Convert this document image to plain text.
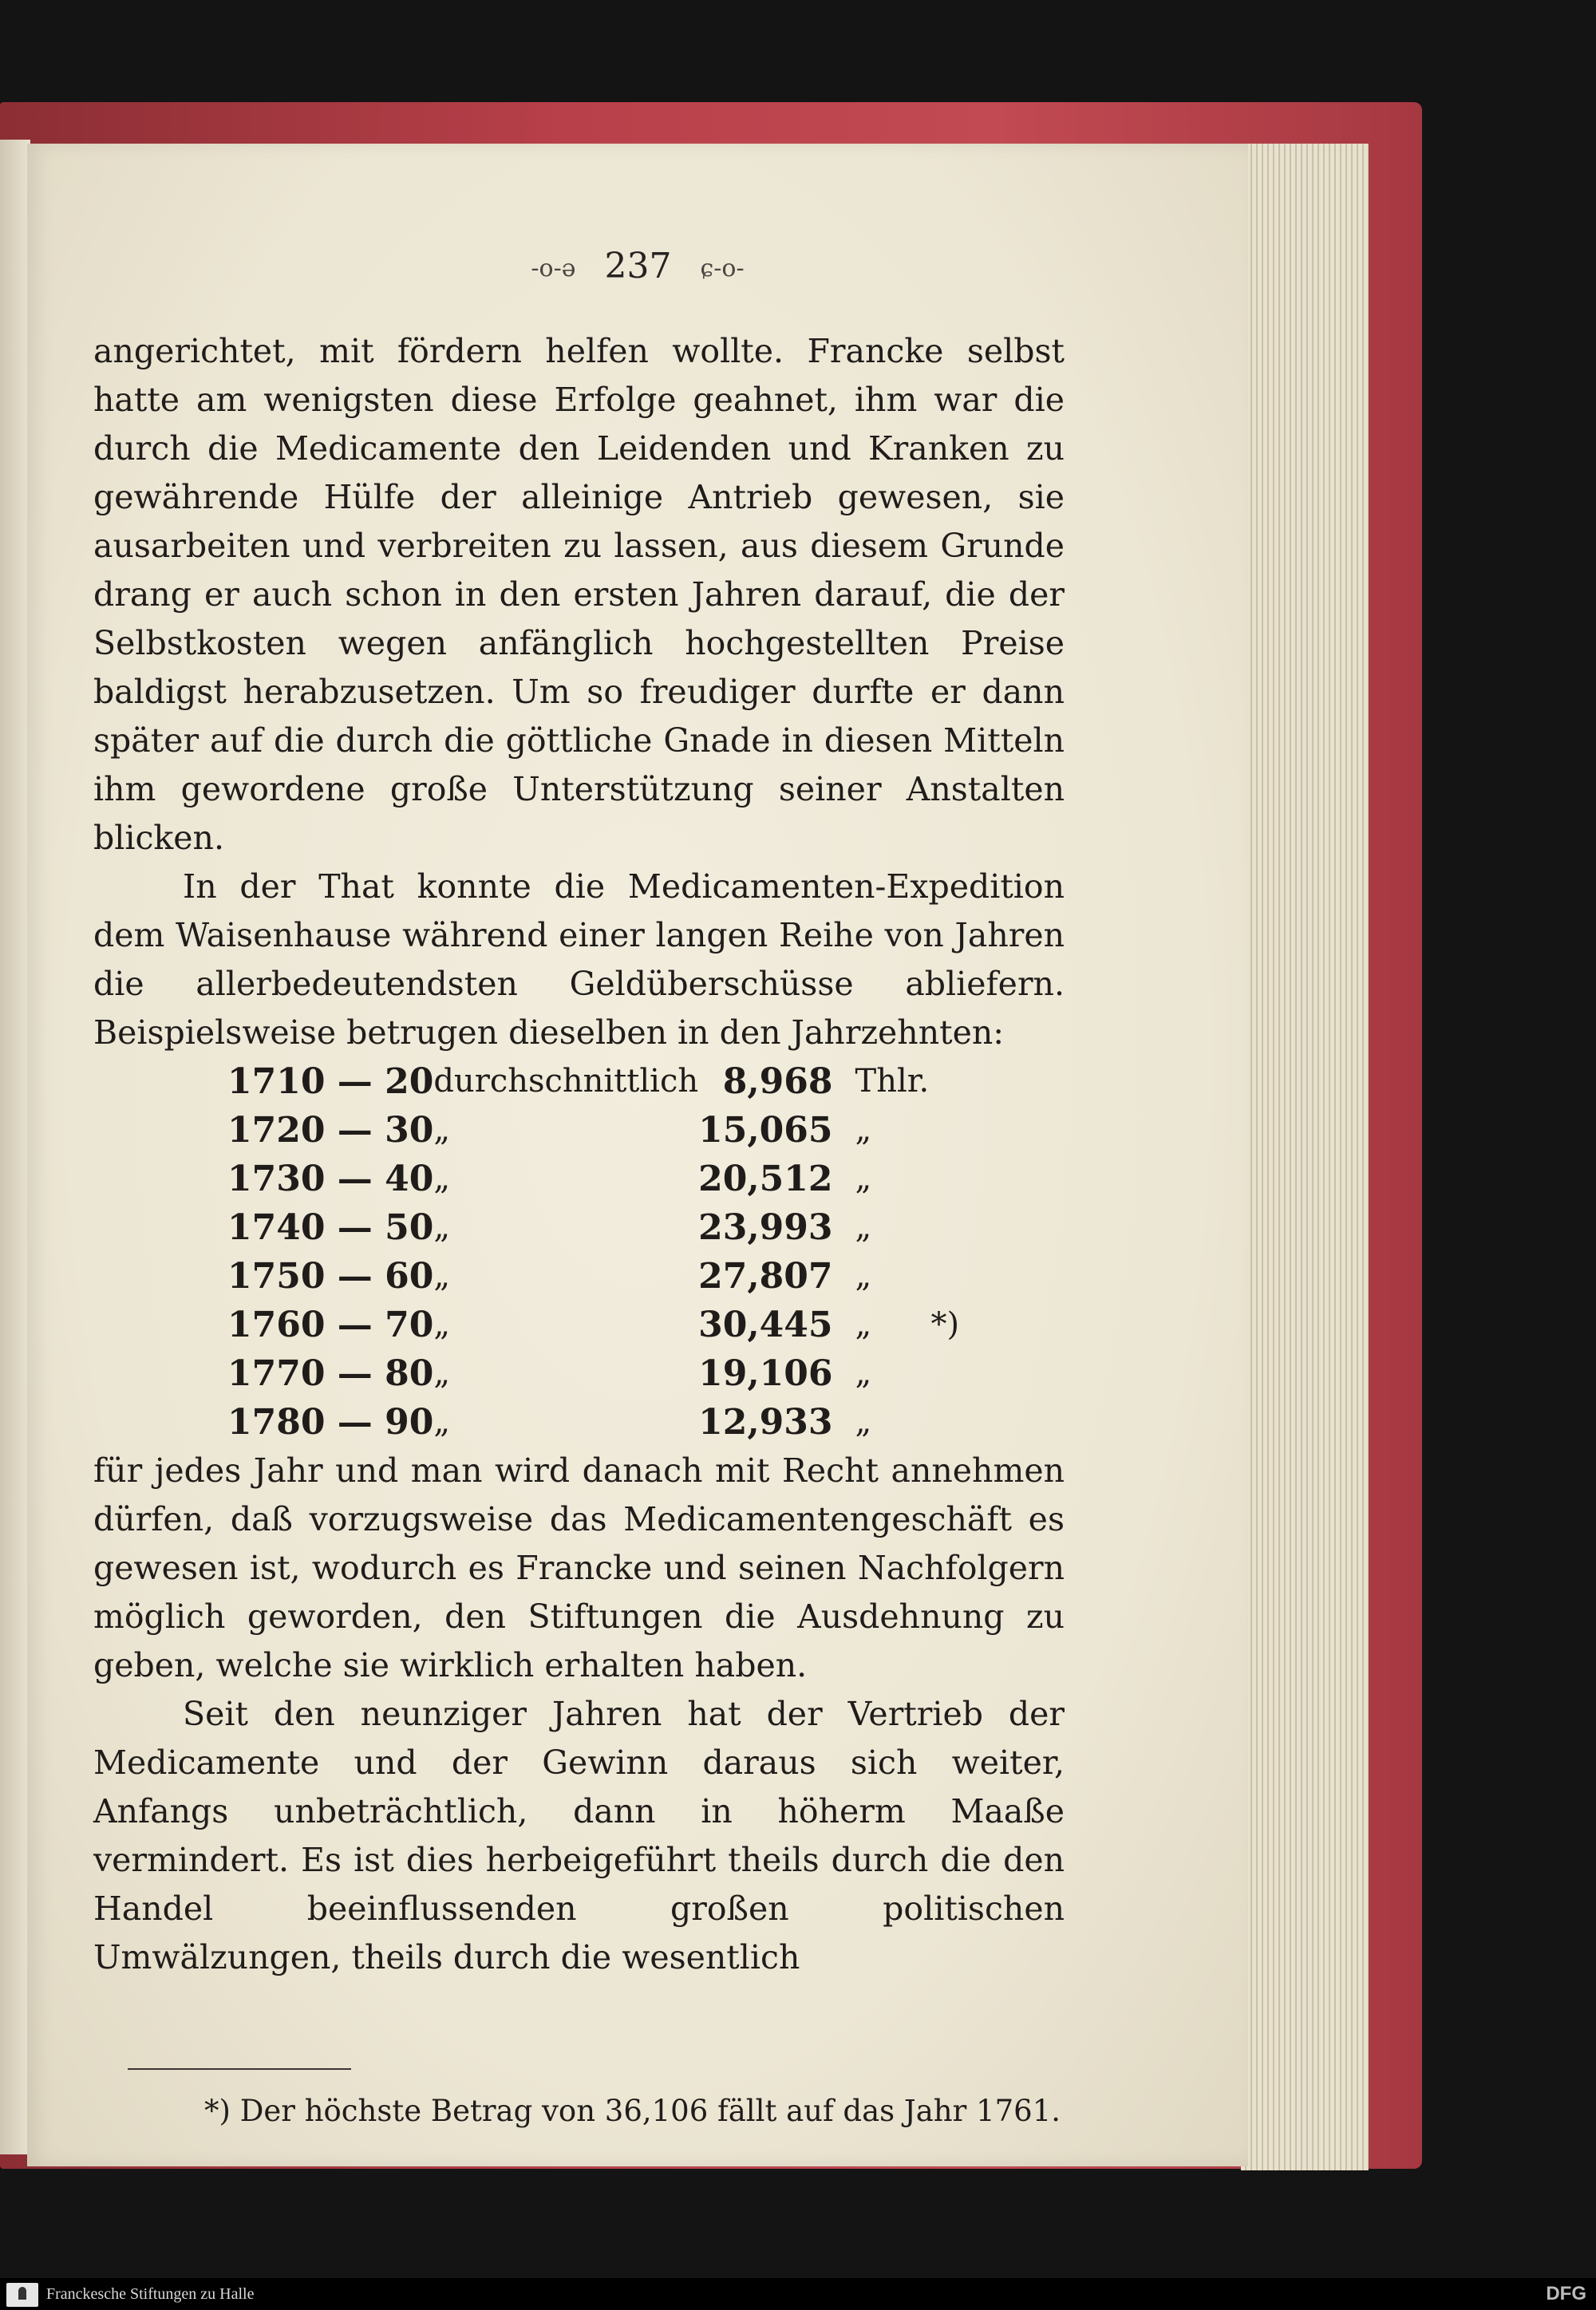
-o-ǝ 237 ɕ-o-

angerichtet, mit fördern helfen wollte. Francke selbst hatte am wenigsten diese Erfolge geahnet, ihm war die durch die Medicamente den Leidenden und Kranken zu gewährende Hülfe der alleinige Antrieb gewesen, sie ausarbeiten und verbreiten zu lassen, aus diesem Grunde drang er auch schon in den ersten Jahren darauf, die der Selbstkosten wegen anfänglich hochgestellten Preise baldigst herabzusetzen. Um so freudiger durfte er dann später auf die durch die göttliche Gnade in diesen Mitteln ihm gewordene große Unterstützung seiner Anstalten blicken.

In der That konnte die Medicamenten-Expedition dem Waisenhause während einer langen Reihe von Jahren die allerbedeutendsten Geldüberschüsse abliefern. Beispielsweise betrugen dieselben in den Jahrzehnten:

1710 — 20	durchschnittlich	8,968	Thlr.	
1720 — 30	„	15,065	„	
1730 — 40	„	20,512	„	
1740 — 50	„	23,993	„	
1750 — 60	„	27,807	„	
1760 — 70	„	30,445	„	*)
1770 — 80	„	19,106	„	
1780 — 90	„	12,933	„	

für jedes Jahr und man wird danach mit Recht annehmen dürfen, daß vorzugsweise das Medicamentengeschäft es gewesen ist, wodurch es Francke und seinen Nachfolgern möglich geworden, den Stiftungen die Ausdehnung zu geben, welche sie wirklich erhalten haben.

Seit den neunziger Jahren hat der Vertrieb der Medicamente und der Gewinn daraus sich weiter, Anfangs unbeträchtlich, dann in höherm Maaße vermindert. Es ist dies herbeigeführt theils durch die den Handel beeinflussenden großen politischen Umwälzungen, theils durch die wesentlich

*) Der höchste Betrag von 36,106 fällt auf das Jahr 1761.
Franckesche Stiftungen zu Halle	DFG
